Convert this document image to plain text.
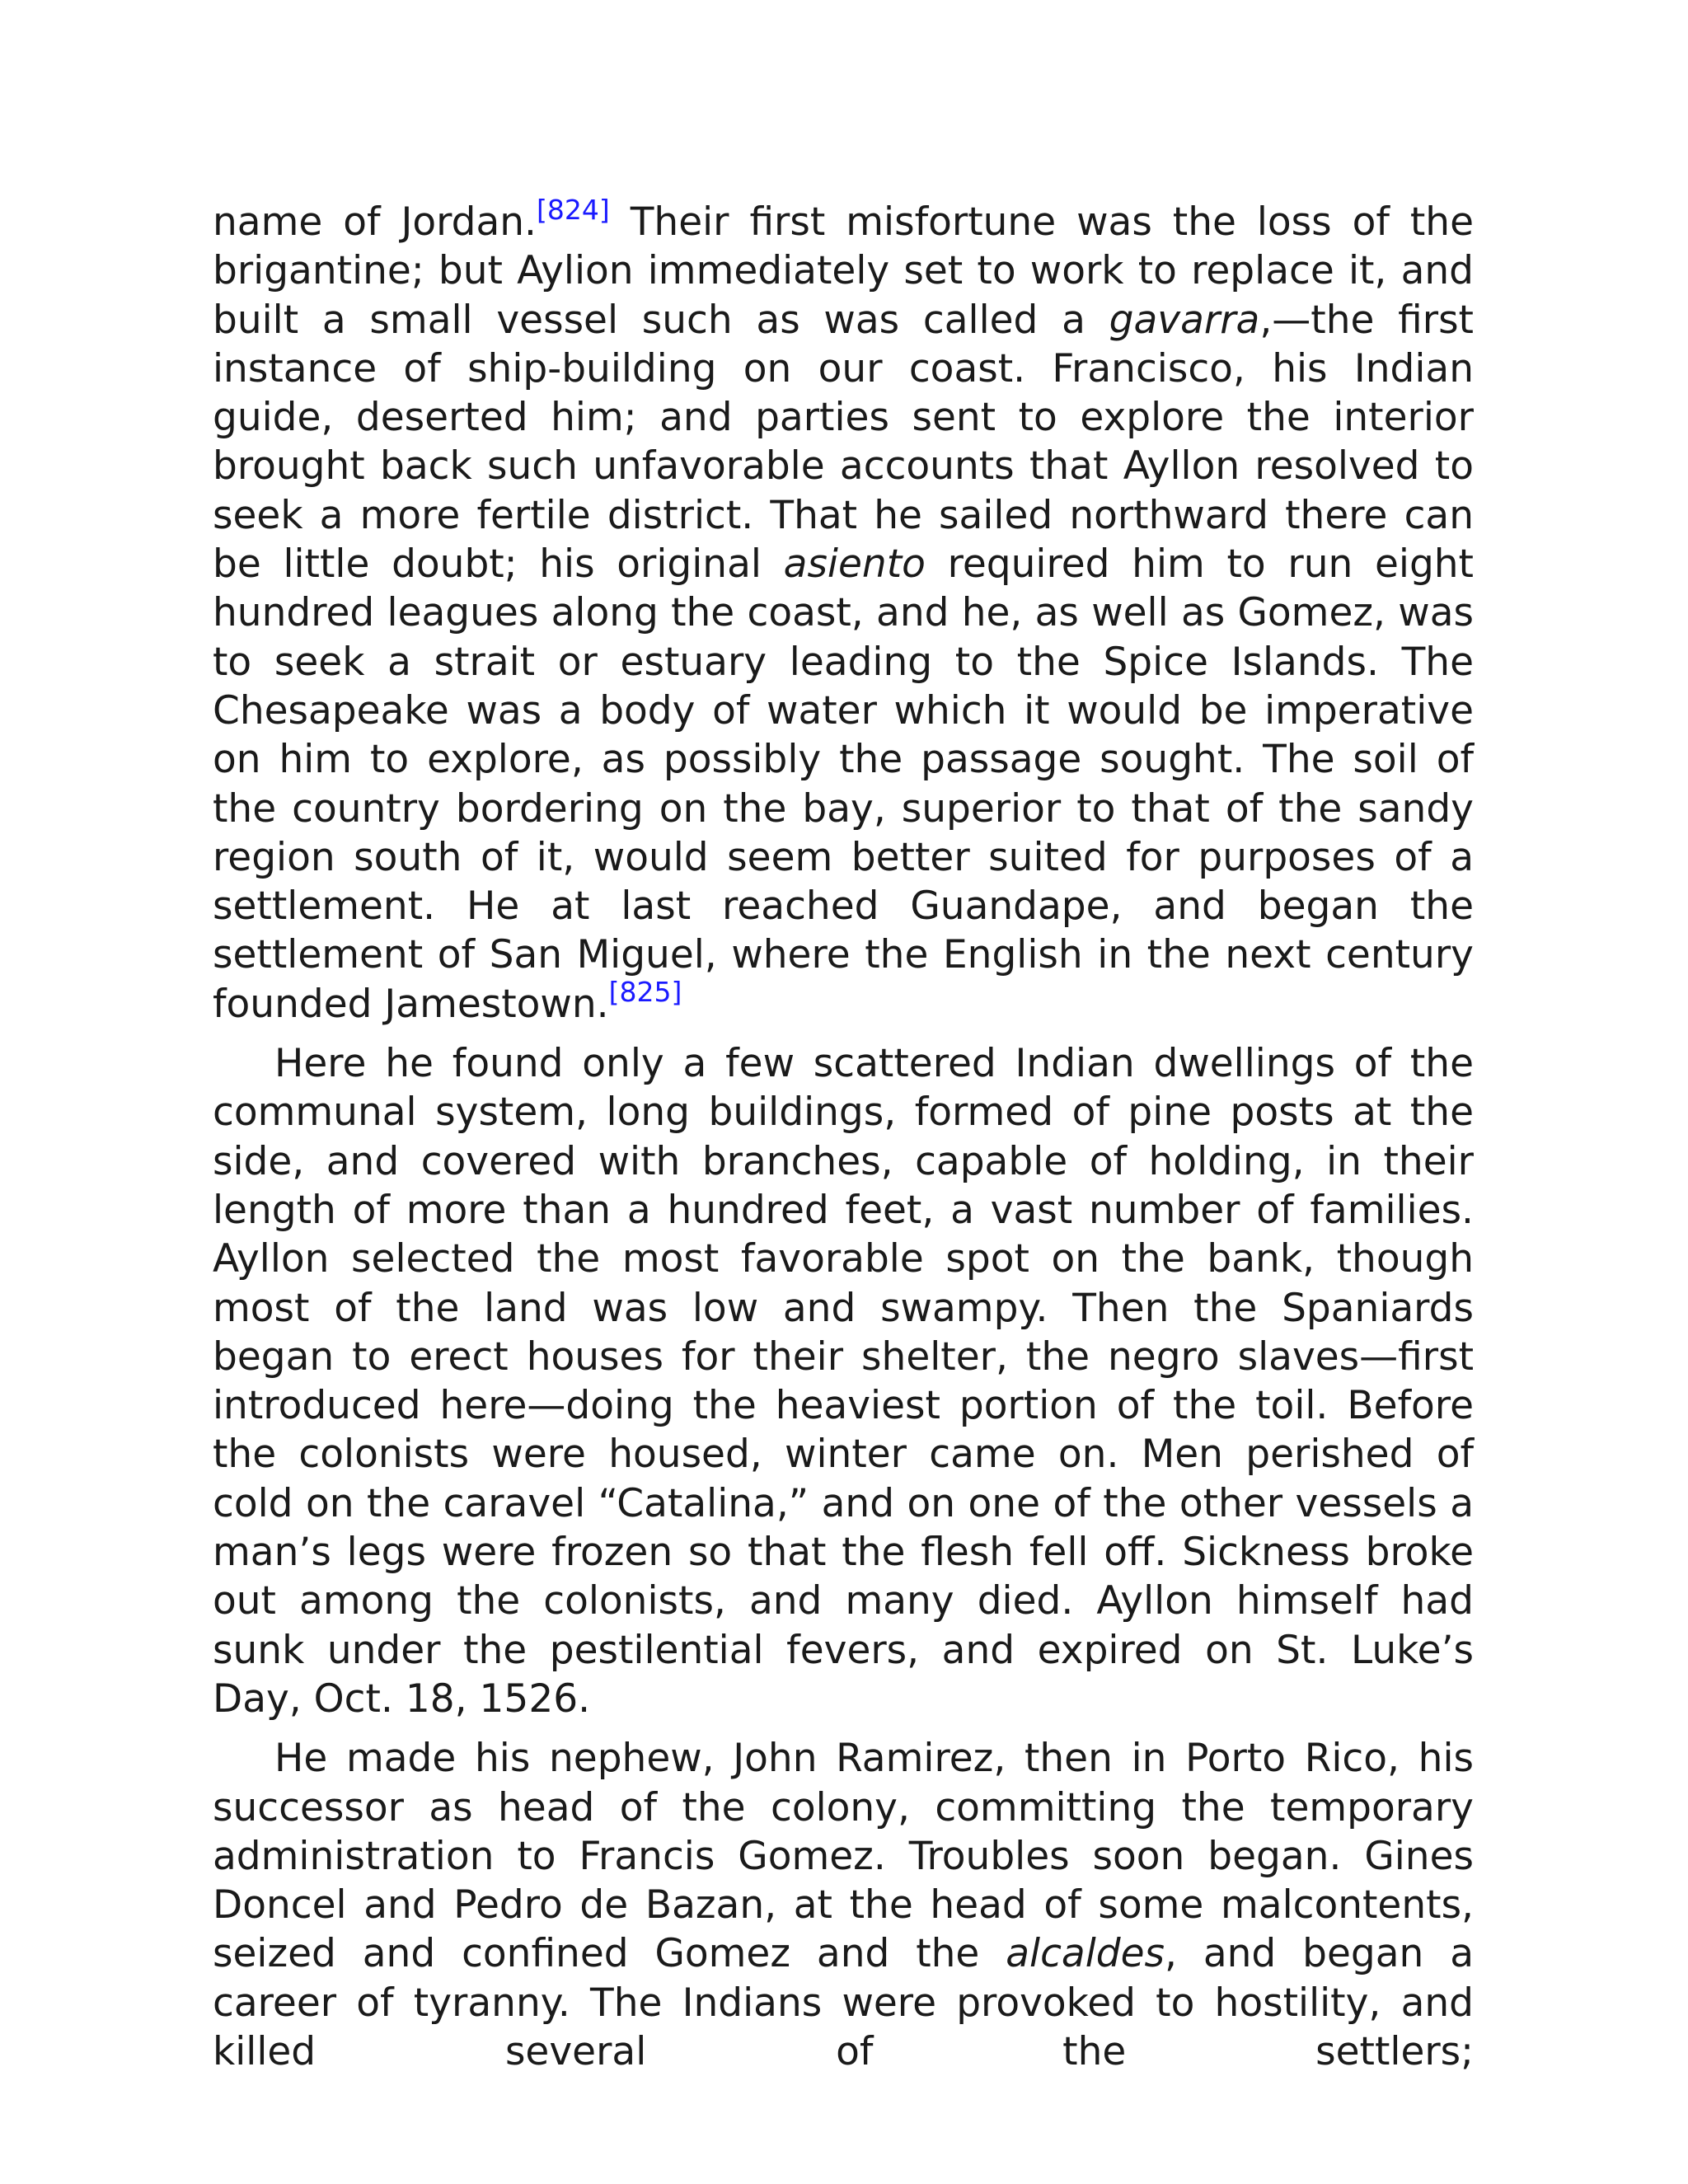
name of Jordan.[824] Their first misfortune was the loss of the brigantine; but Aylion immediately set to work to replace it, and built a small vessel such as was called a gavarra,—the first instance of ship-building on our coast. Francisco, his Indian guide, deserted him; and parties sent to explore the interior brought back such unfavorable accounts that Ayllon resolved to seek a more fertile district. That he sailed northward there can be little doubt; his original asiento required him to run eight hundred leagues along the coast, and he, as well as Gomez, was to seek a strait or estuary leading to the Spice Islands. The Chesapeake was a body of water which it would be imperative on him to explore, as possibly the passage sought. The soil of the country bordering on the bay, superior to that of the sandy region south of it, would seem better suited for purposes of a settlement. He at last reached Guandape, and began the settlement of San Miguel, where the English in the next century founded Jamestown.[825]

Here he found only a few scattered Indian dwellings of the communal system, long buildings, formed of pine posts at the side, and covered with branches, capable of holding, in their length of more than a hundred feet, a vast number of families. Ayllon selected the most favorable spot on the bank, though most of the land was low and swampy. Then the Spaniards began to erect houses for their shelter, the negro slaves—first introduced here—doing the heaviest portion of the toil. Before the colonists were housed, winter came on. Men perished of cold on the caravel “Catalina,” and on one of the other vessels a man’s legs were frozen so that the flesh fell off. Sickness broke out among the colonists, and many died. Ayllon himself had sunk under the pestilential fevers, and expired on St. Luke’s Day, Oct. 18, 1526.

He made his nephew, John Ramirez, then in Porto Rico, his successor as head of the colony, committing the temporary administration to Francis Gomez. Troubles soon began. Gines Doncel and Pedro de Bazan, at the head of some malcontents, seized and confined Gomez and the alcaldes, and began a career of tyranny. The Indians were provoked to hostility, and killed several of the settlers;
